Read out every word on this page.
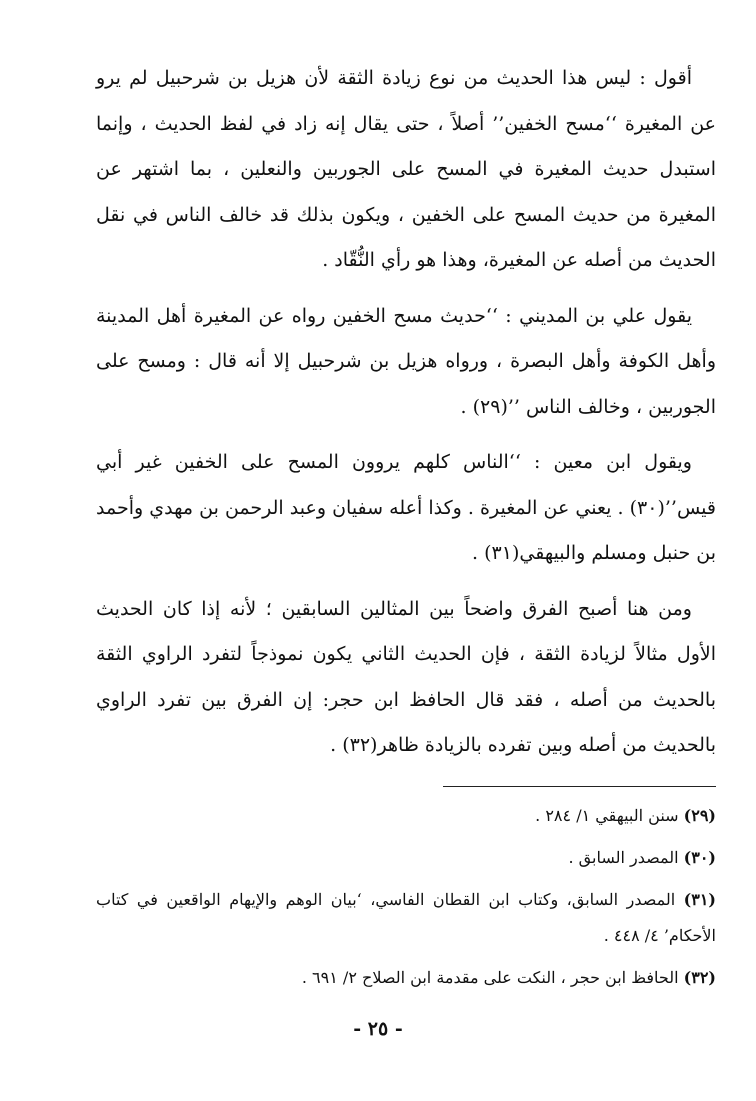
أقول : ليس هذا الحديث من نوع زيادة الثقة لأن هزيل بن شرحبيل لم يرو عن المغيرة ‘‘مسح الخفين’’ أصلاً ، حتى يقال إنه زاد في لفظ الحديث ، وإنما استبدل حديث المغيرة في المسح على الجوربين والنعلين ، بما اشتهر عن المغيرة من حديث المسح على الخفين ، ويكون بذلك قد خالف الناس في نقل الحديث من أصله عن المغيرة، وهذا هو رأي النُّقّاد .

يقول علي بن المديني : ‘‘حديث مسح الخفين رواه عن المغيرة أهل المدينة وأهل الكوفة وأهل البصرة ، ورواه هزيل بن شرحبيل إلا أنه قال : ومسح على الجوربين ، وخالف الناس ’’(٢٩) .

ويقول ابن معين : ‘‘الناس كلهم يروون المسح على الخفين غير أبي قيس’’(٣٠) . يعني عن المغيرة . وكذا أعله سفيان وعبد الرحمن بن مهدي وأحمد بن حنبل ومسلم والبيهقي(٣١) .

ومن هنا أصبح الفرق واضحاً بين المثالين السابقين ؛ لأنه إذا كان الحديث الأول مثالاً لزيادة الثقة ، فإن الحديث الثاني يكون نموذجاً لتفرد الراوي الثقة بالحديث من أصله ، فقد قال الحافظ ابن حجر: إن الفرق بين تفرد الراوي بالحديث من أصله وبين تفرده بالزيادة ظاهر(٣٢) .

(٢٩) سنن البيهقي ١/ ٢٨٤ .
(٣٠) المصدر السابق .
(٣١) المصدر السابق، وكتاب ابن القطان الفاسي، ‘بيان الوهم والإيهام الواقعين في كتاب الأحكام’ ٤/ ٤٤٨ .
(٣٢) الحافظ ابن حجر ، النكت على مقدمة ابن الصلاح ٢/ ٦٩١ .
- ٢٥ -
